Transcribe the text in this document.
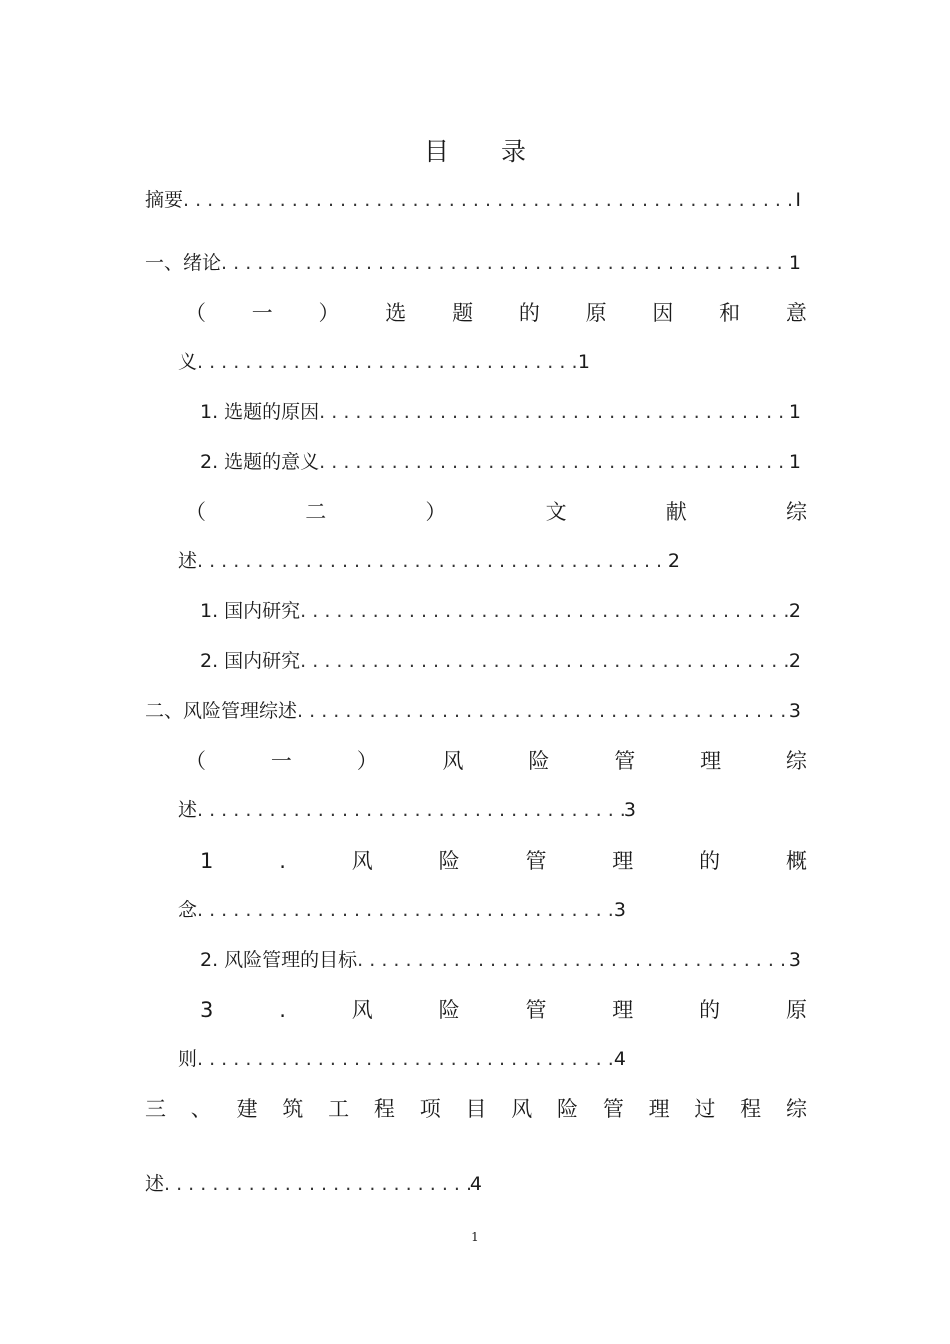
目 录
摘要 . . .	I
一、 绪论 . . .	1
（ 一 ） 选 题 的 原 因 和 意
义 . . .	1
1. 选题的原因 . . .	1
2. 选题的意义 . . .	1
（	二	）	文	献	综
述 . . .	2
1. 国内研究 . . .	2
2. 国内研究 . . .	2
二、 风险管理综述 . . .	3
（	一	）	风	险	管	理	综
述 . . .	3
1	.	风	险	管	理	的	概
念 . . .	3
2. 风险管理的目标 . . .	3
3	.	风	险	管	理	的	原
则 . . .	4
三 、 建 筑 工 程 项 目 风 险 管 理 过 程 综
述 . . .	4
1
